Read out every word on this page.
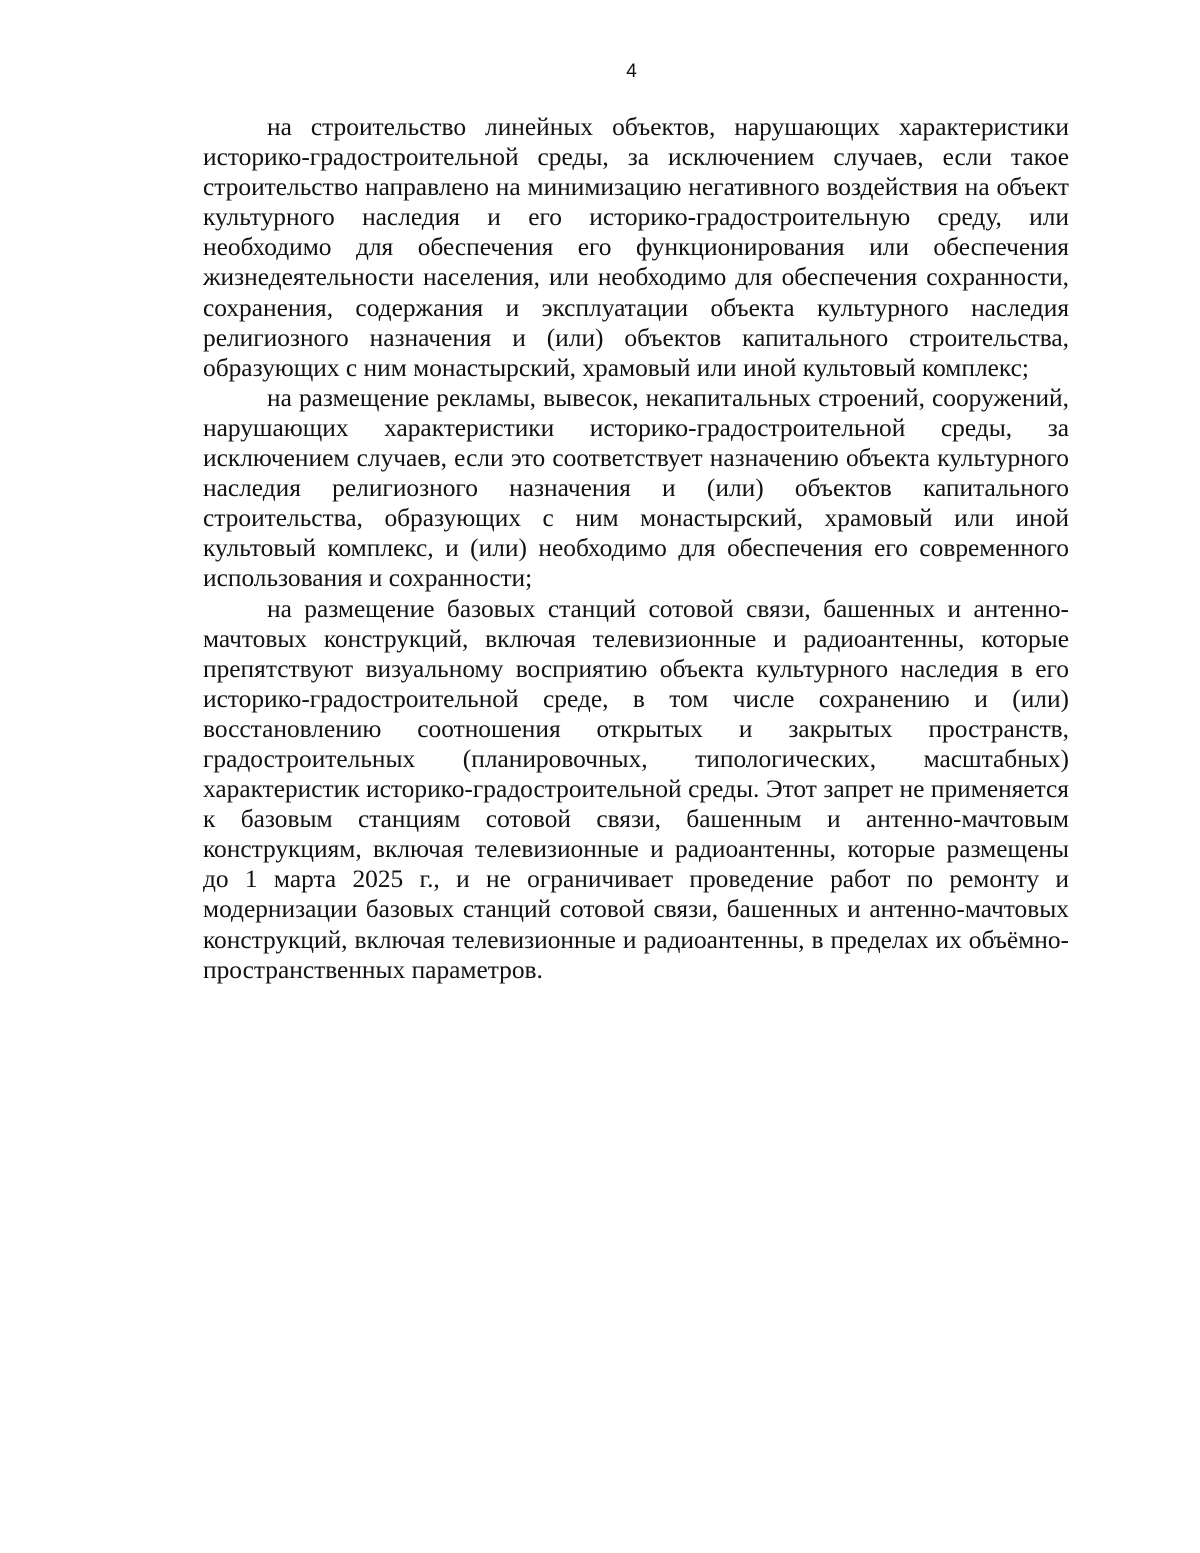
4

на строительство линейных объектов, нарушающих характеристики историко-градостроительной среды, за исключением случаев, если такое строительство направлено на минимизацию негативного воздействия на объект культурного наследия и его историко-градостроительную среду, или необходимо для обеспечения его функционирования или обеспечения жизнедеятельности населения, или необходимо для обеспечения сохранности, сохранения, содержания и эксплуатации объекта культурного наследия религиозного назначения и (или) объектов капитального строительства, образующих с ним монастырский, храмовый или иной культовый комплекс;

на размещение рекламы, вывесок, некапитальных строений, сооружений, нарушающих характеристики историко-градостроительной среды, за исключением случаев, если это соответствует назначению объекта культурного наследия религиозного назначения и (или) объектов капитального строительства, образующих с ним монастырский, храмовый или иной культовый комплекс, и (или) необходимо для обеспечения его современного использования и сохранности;

на размещение базовых станций сотовой связи, башенных и антенно-мачтовых конструкций, включая телевизионные и радиоантенны, которые препятствуют визуальному восприятию объекта культурного наследия в его историко-градостроительной среде, в том числе сохранению и (или) восстановлению соотношения открытых и закрытых пространств, градостроительных (планировочных, типологических, масштабных) характеристик историко-градостроительной среды. Этот запрет не применяется к базовым станциям сотовой связи, башенным и антенно-мачтовым конструкциям, включая телевизионные и радиоантенны, которые размещены до 1 марта 2025 г., и не ограничивает проведение работ по ремонту и модернизации базовых станций сотовой связи, башенных и антенно-мачтовых конструкций, включая телевизионные и радиоантенны, в пределах их объёмно-пространственных параметров.
